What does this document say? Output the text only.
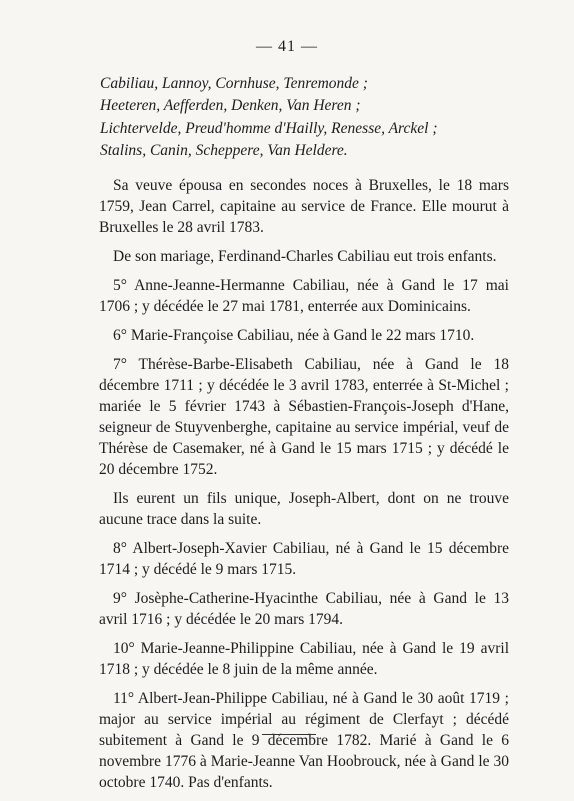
— 41 —
Cabiliau, Lannoy, Cornhuse, Tenremonde ;
Heeteren, Aefferden, Denken, Van Heren ;
Lichtervelde, Preud'homme d'Hailly, Renesse, Arckel ;
Stalins, Canin, Scheppere, Van Heldere.

Sa veuve épousa en secondes noces à Bruxelles, le 18 mars 1759, Jean Carrel, capitaine au service de France. Elle mourut à Bruxelles le 28 avril 1783.

De son mariage, Ferdinand-Charles Cabiliau eut trois enfants.

5° Anne-Jeanne-Hermanne Cabiliau, née à Gand le 17 mai 1706 ; y décédée le 27 mai 1781, enterrée aux Dominicains.

6° Marie-Françoise Cabiliau, née à Gand le 22 mars 1710.

7° Thérèse-Barbe-Elisabeth Cabiliau, née à Gand le 18 décembre 1711 ; y décédée le 3 avril 1783, enterrée à St-Michel ; mariée le 5 février 1743 à Sébastien-François-Joseph d'Hane, seigneur de Stuyvenberghe, capitaine au service impérial, veuf de Thérèse de Casemaker, né à Gand le 15 mars 1715 ; y décédé le 20 décembre 1752.

Ils eurent un fils unique, Joseph-Albert, dont on ne trouve aucune trace dans la suite.

8° Albert-Joseph-Xavier Cabiliau, né à Gand le 15 décembre 1714 ; y décédé le 9 mars 1715.

9° Josèphe-Catherine-Hyacinthe Cabiliau, née à Gand le 13 avril 1716 ; y décédée le 20 mars 1794.

10° Marie-Jeanne-Philippine Cabiliau, née à Gand le 19 avril 1718 ; y décédée le 8 juin de la même année.

11° Albert-Jean-Philippe Cabiliau, né à Gand le 30 août 1719 ; major au service impérial au régiment de Clerfayt ; décédé subitement à Gand le 9 décembre 1782. Marié à Gand le 6 novembre 1776 à Marie-Jeanne Van Hoobrouck, née à Gand le 30 octobre 1740. Pas d'enfants.
